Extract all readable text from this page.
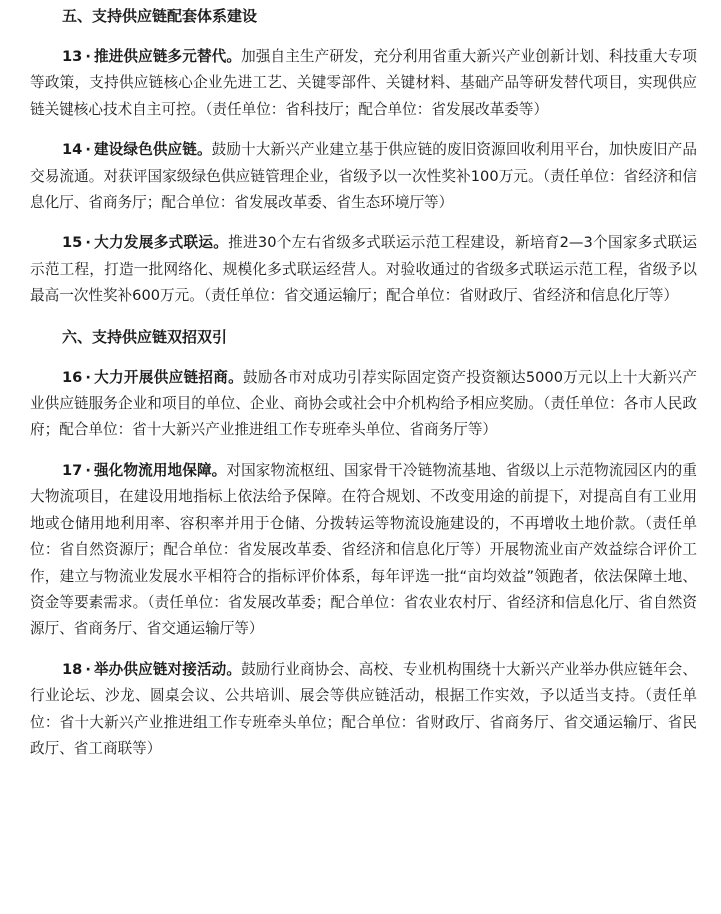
五、支持供应链配套体系建设

13 · 推进供应链多元替代。加强自主生产研发，充分利用省重大新兴产业创新计划、科技重大专项等政策，支持供应链核心企业先进工艺、关键零部件、关键材料、基础产品等研发替代项目，实现供应链关键核心技术自主可控。（责任单位：省科技厅；配合单位：省发展改革委等）

14 · 建设绿色供应链。鼓励十大新兴产业建立基于供应链的废旧资源回收利用平台，加快废旧产品交易流通。对获评国家级绿色供应链管理企业，省级予以一次性奖补100万元。（责任单位：省经济和信息化厅、省商务厅；配合单位：省发展改革委、省生态环境厅等）

15 · 大力发展多式联运。推进30个左右省级多式联运示范工程建设，新培育2—3个国家多式联运示范工程，打造一批网络化、规模化多式联运经营人。对验收通过的省级多式联运示范工程，省级予以最高一次性奖补600万元。（责任单位：省交通运输厅；配合单位：省财政厅、省经济和信息化厅等）

六、支持供应链双招双引

16 · 大力开展供应链招商。鼓励各市对成功引荐实际固定资产投资额达5000万元以上十大新兴产业供应链服务企业和项目的单位、企业、商协会或社会中介机构给予相应奖励。（责任单位：各市人民政府；配合单位：省十大新兴产业推进组工作专班牵头单位、省商务厅等）

17 · 强化物流用地保障。对国家物流枢纽、国家骨干冷链物流基地、省级以上示范物流园区内的重大物流项目，在建设用地指标上依法给予保障。在符合规划、不改变用途的前提下，对提高自有工业用地或仓储用地利用率、容积率并用于仓储、分拨转运等物流设施建设的，不再增收土地价款。（责任单位：省自然资源厅；配合单位：省发展改革委、省经济和信息化厅等）开展物流业亩产效益综合评价工作，建立与物流业发展水平相符合的指标评价体系，每年评选一批“亩均效益”领跑者，依法保障土地、资金等要素需求。（责任单位：省发展改革委；配合单位：省农业农村厅、省经济和信息化厅、省自然资源厅、省商务厅、省交通运输厅等）

18 · 举办供应链对接活动。鼓励行业商协会、高校、专业机构围绕十大新兴产业举办供应链年会、行业论坛、沙龙、圆桌会议、公共培训、展会等供应链活动，根据工作实效，予以适当支持。（责任单位：省十大新兴产业推进组工作专班牵头单位；配合单位：省财政厅、省商务厅、省交通运输厅、省民政厅、省工商联等）
